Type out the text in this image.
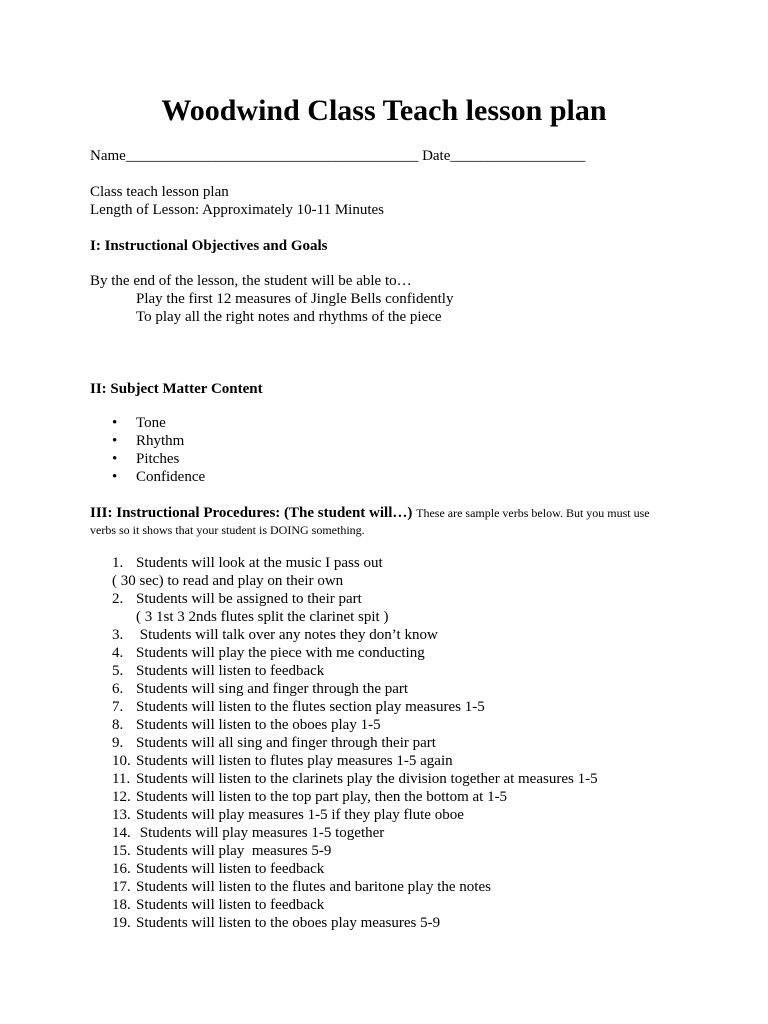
Woodwind Class Teach lesson plan
Name_______________________________________ Date__________________
Class teach lesson plan
Length of Lesson: Approximately 10-11 Minutes
I: Instructional Objectives and Goals
By the end of the lesson, the student will be able to…
Play the first 12 measures of Jingle Bells confidently
To play all the right notes and rhythms of the piece
II: Subject Matter Content
• Tone
• Rhythm
• Pitches
• Confidence
III: Instructional Procedures: (The student will…) These are sample verbs below. But you must use
verbs so it shows that your student is DOING something.
1. Students will look at the music I pass out
( 30 sec) to read and play on their own
2. Students will be assigned to their part
( 3 1st 3 2nds flutes split the clarinet spit )
3. Students will talk over any notes they don’t know
4. Students will play the piece with me conducting
5. Students will listen to feedback
6. Students will sing and finger through the part
7. Students will listen to the flutes section play measures 1-5
8. Students will listen to the oboes play 1-5
9. Students will all sing and finger through their part
10. Students will listen to flutes play measures 1-5 again
11. Students will listen to the clarinets play the division together at measures 1-5
12. Students will listen to the top part play, then the bottom at 1-5
13. Students will play measures 1-5 if they play flute oboe
14. Students will play measures 1-5 together
15. Students will play  measures 5-9
16. Students will listen to feedback
17. Students will listen to the flutes and baritone play the notes
18. Students will listen to feedback
19. Students will listen to the oboes play measures 5-9
